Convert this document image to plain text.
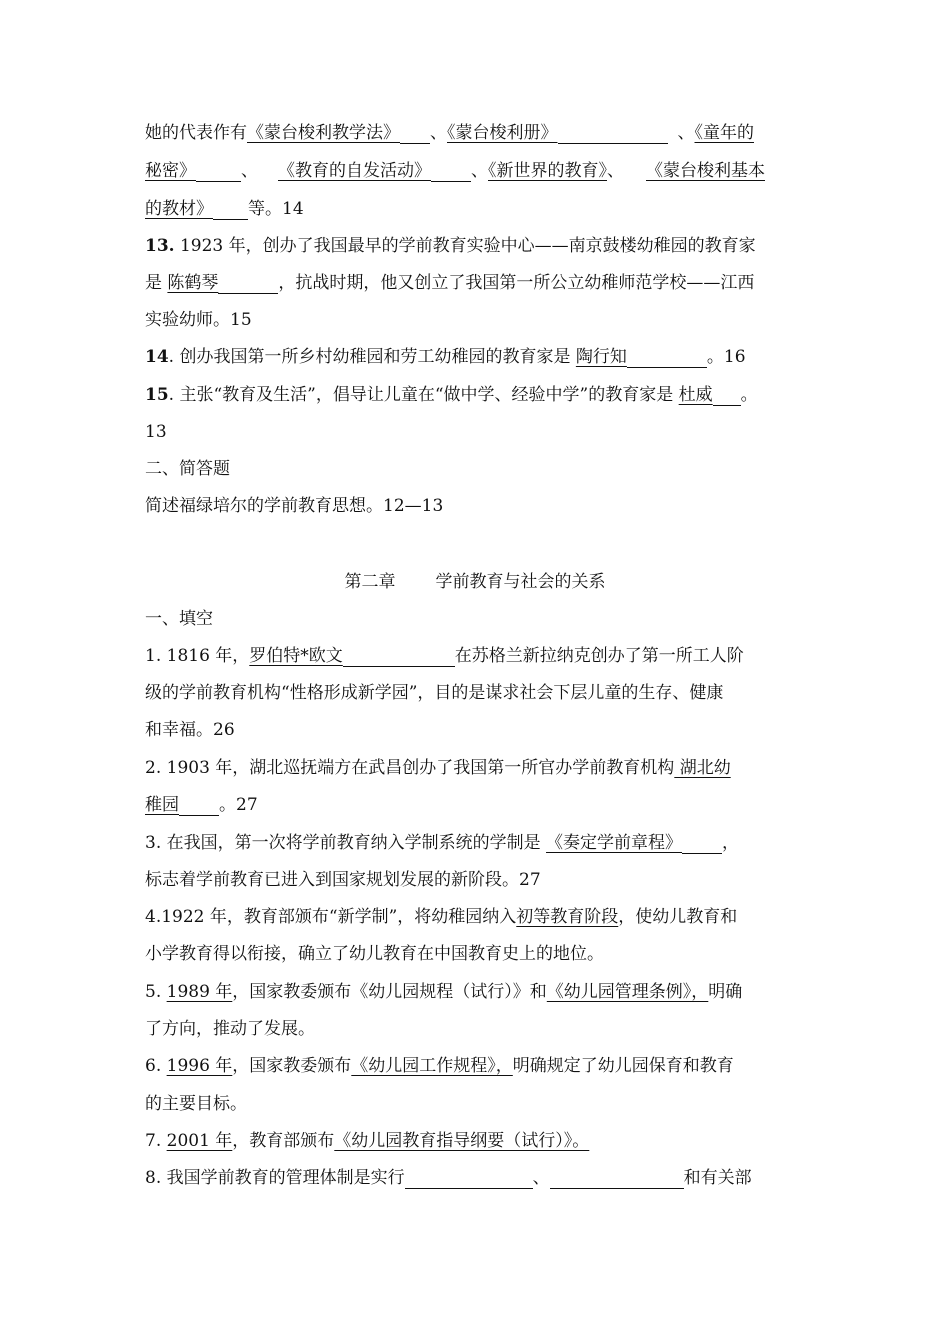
她的代表作有《蒙台梭利教学法》 、《蒙台梭利册》	、《童年的
秘密》	、 《教育的自发活动》 、《新世界的教育》、 《蒙台梭利基本
的教材》 等。14
13. 1923 年，创办了我国最早的学前教育实验中心——南京鼓楼幼稚园的教育家
是 陈鹤琴	，抗战时期，他又创立了我国第一所公立幼稚师范学校——江西
实验幼师。15
14. 创办我国第一所乡村幼稚园和劳工幼稚园的教育家是 陶行知	。16
15. 主张“教育及生活”，倡导让儿童在“做中学、经验中学”的教育家是 杜威 。
13
二、简答题
简述福绿培尔的学前教育思想。12—13
第二章 学前教育与社会的关系
一、填空
1. 1816 年，罗伯特*欧文	在苏格兰新拉纳克创办了第一所工人阶
级的学前教育机构“性格形成新学园”，目的是谋求社会下层儿童的生存、健康
和幸福。26
2. 1903 年，湖北巡抚端方在武昌创办了我国第一所官办学前教育机构 湖北幼
稚园 。27
3. 在我国，第一次将学前教育纳入学制系统的学制是 《奏定学前章程》 ，
标志着学前教育已进入到国家规划发展的新阶段。27
4.1922 年，教育部颁布“新学制”，将幼稚园纳入初等教育阶段，使幼儿教育和
小学教育得以衔接，确立了幼儿教育在中国教育史上的地位。
5. 1989 年，国家教委颁布《幼儿园规程（试行）》和《幼儿园管理条例》，明确
了方向，推动了发展。
6. 1996 年，国家教委颁布《幼儿园工作规程》，明确规定了幼儿园保育和教育
的主要目标。
7. 2001 年，教育部颁布《幼儿园教育指导纲要（试行）》。
8. 我国学前教育的管理体制是实行	、	和有关部
